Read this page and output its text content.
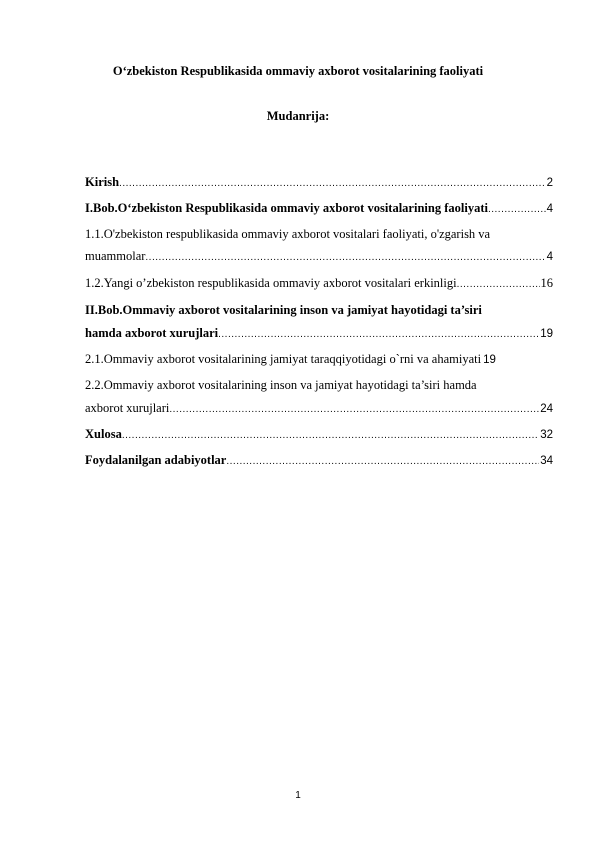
O‘zbekiston Respublikasida ommaviy axborot vositalarining faoliyati
Mudanrija:
Kirish .....	2
I.Bob.O‘zbekiston Respublikasida ommaviy axborot vositalarining faoliyati .....	4
1.1.O'zbekiston respublikasida ommaviy axborot vositalari faoliyati, o'zgarish va
muammolar .....	4
1.2.Yangi o’zbekiston respublikasida ommaviy axborot vositalari erkinligi .....	16
II.Bob.Ommaviy axborot vositalarining inson va jamiyat hayotidagi ta’siri
hamda axborot xurujlari .....	19
2.1.Ommaviy axborot vositalarining jamiyat taraqqiyotidagi o`rni va ahamiyati 19
2.2.Ommaviy axborot vositalarining inson va jamiyat hayotidagi ta’siri hamda
axborot xurujlari .....	24
Xulosa .....	32
Foydalanilgan adabiyotlar .....	34
1
